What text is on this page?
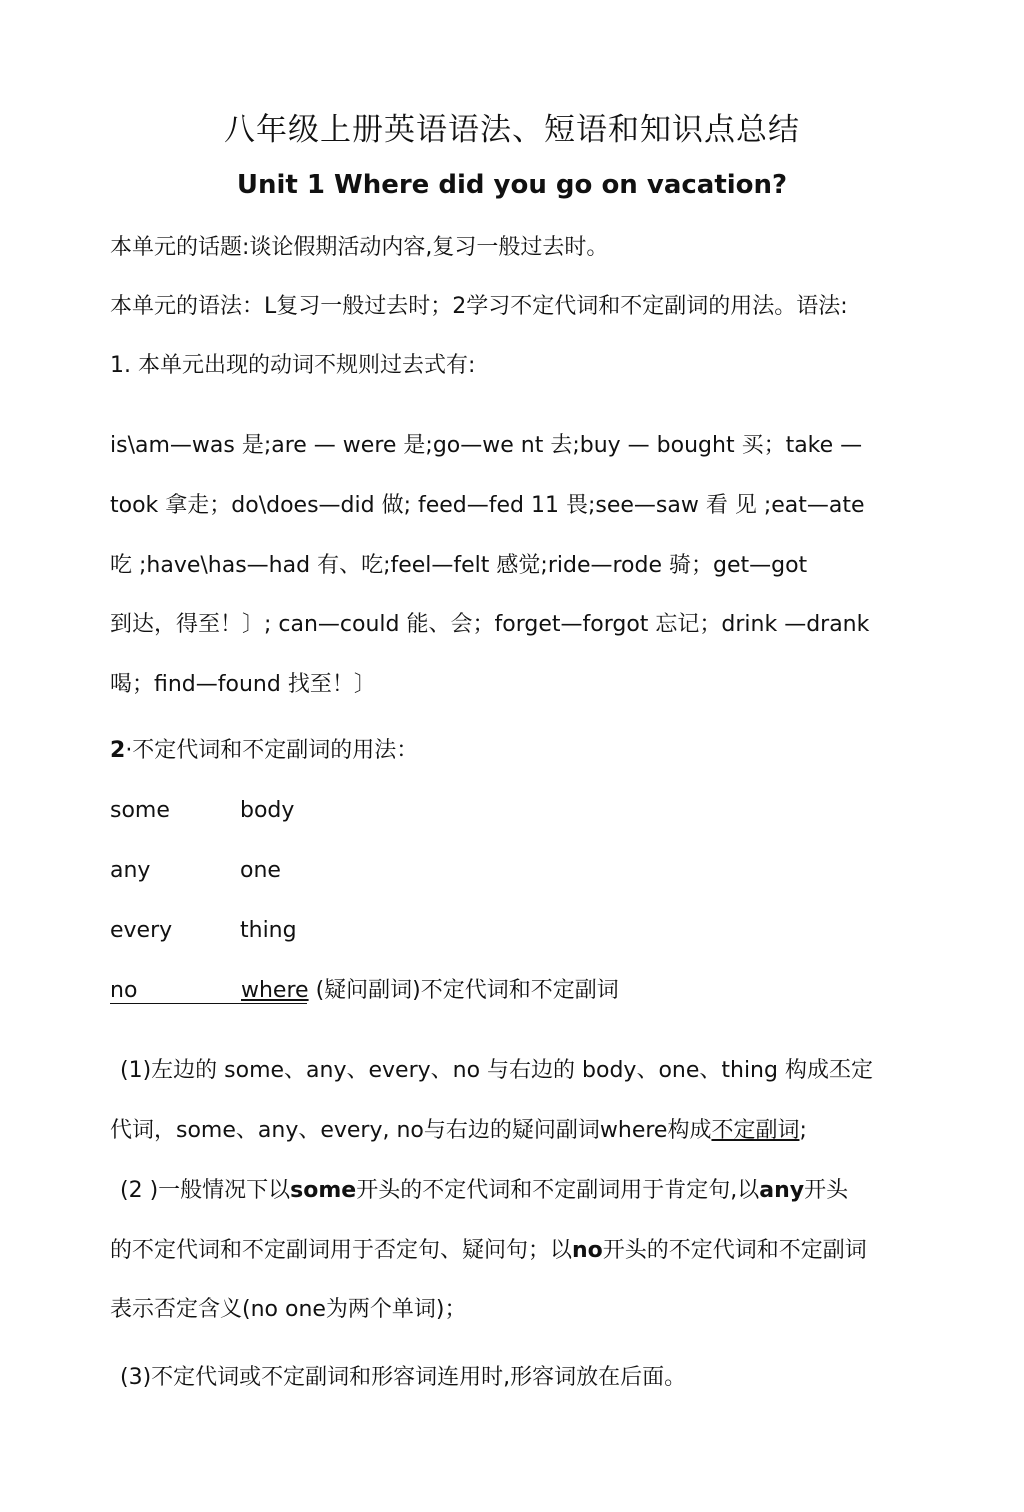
八年级上册英语语法、短语和知识点总结
Unit 1 Where did you go on vacation?
本单元的话题:谈论假期活动内容,复习一般过去时。
本单元的语法：L复习一般过去时；2学习不定代词和不定副词的用法。语法:
1. 本单元出现的动词不规则过去式有:
is\am—was 是;are — were 是;go—we nt 去;buy — bought 买；take —
took 拿走；do\does—did 做; feed—fed 11 畏;see—saw 看 见 ;eat—ate
吃 ;have\has—had 有、吃;feel—felt 感觉;ride—rode 骑；get—got
到达，得至！〕; can—could 能、会；forget—forgot 忘记；drink —drank
喝；find—found 找至！〕
2·不定代词和不定副词的用法：
some	body
any	one
every	thing
no	where (疑问副词)不定代词和不定副词
(1)左边的 some、any、every、no 与右边的 body、one、thing 构成丕定
代词，some、any、every, no与右边的疑问副词where构成不定副词;
(2 )一般情况下以some开头的不定代词和不定副词用于肯定句,以any开头
的不定代词和不定副词用于否定句、疑问句；以no开头的不定代词和不定副词
表示否定含义(no one为两个单词)；
(3)不定代词或不定副词和形容词连用时,形容词放在后面。
